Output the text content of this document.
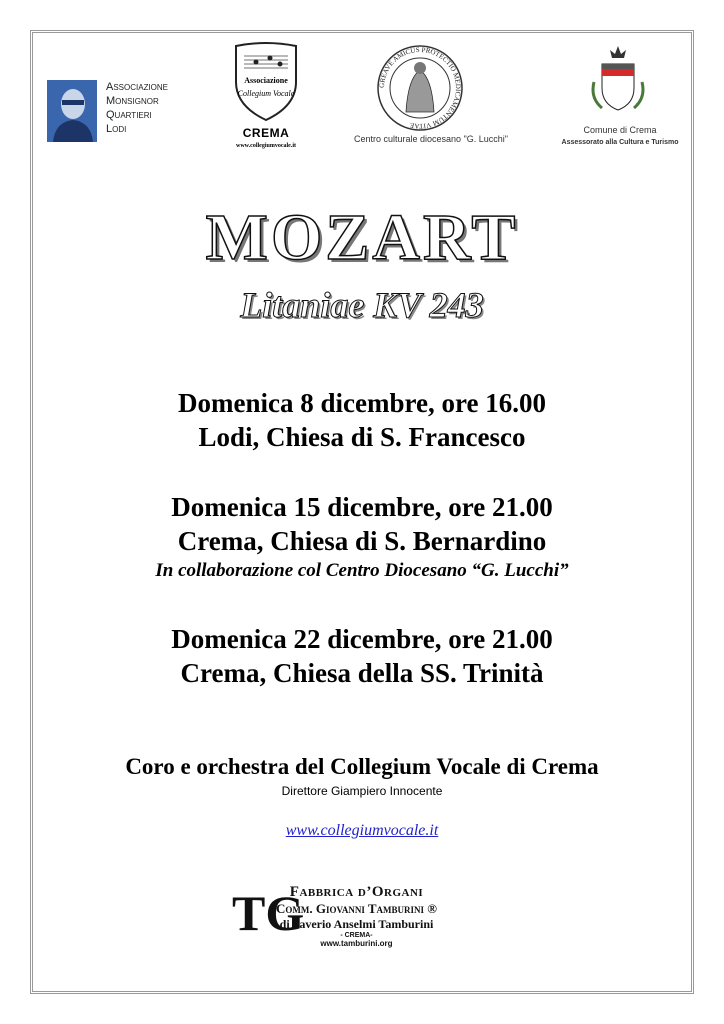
Associazione
Monsignor
Quartieri
Lodi
Associazione
Collegium Vocale
CREMA
www.collegiumvocale.it
GREAVE AMICUS PROTECTIO MEDICAMENTUM VITAE
Centro culturale diocesano "G. Lucchi"
Comune di Crema
Assessorato alla Cultura e Turismo
MOZART
Litaniae KV 243
Domenica 8 dicembre, ore 16.00
Lodi, Chiesa di S. Francesco
Domenica 15 dicembre, ore 21.00
Crema, Chiesa di S. Bernardino
In collaborazione col Centro Diocesano “G. Lucchi”
Domenica 22 dicembre, ore 21.00
Crema, Chiesa della SS. Trinità
Coro e orchestra del Collegium Vocale di Crema
Direttore Giampiero Innocente
www.collegiumvocale.it
TG
Fabbrica d’Organi
Comm. Giovanni Tamburini ®
di Saverio Anselmi Tamburini
- CREMA-
www.tamburini.org
